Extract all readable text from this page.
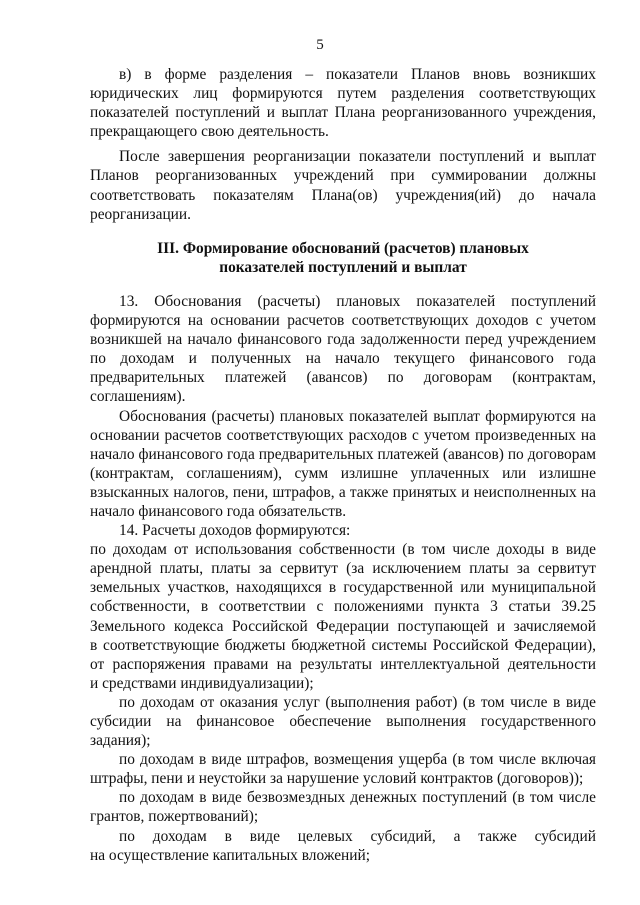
5

в) в форме разделения – показатели Планов вновь возникших
юридических лиц формируются путем разделения соответствующих
показателей поступлений и выплат Плана реорганизованного учреждения,
прекращающего свою деятельность.

После завершения реорганизации показатели поступлений и выплат
Планов реорганизованных учреждений при суммировании должны
соответствовать показателям Плана(ов) учреждения(ий) до начала
реорганизации.

III. Формирование обоснований (расчетов) плановых
показателей поступлений и выплат

13. Обоснования (расчеты) плановых показателей поступлений
формируются на основании расчетов соответствующих доходов с учетом
возникшей на начало финансового года задолженности перед учреждением
по доходам и полученных на начало текущего финансового года
предварительных платежей (авансов) по договорам (контрактам,
соглашениям).

Обоснования (расчеты) плановых показателей выплат формируются на
основании расчетов соответствующих расходов с учетом произведенных на
начало финансового года предварительных платежей (авансов) по договорам
(контрактам, соглашениям), сумм излишне уплаченных или излишне
взысканных налогов, пени, штрафов, а также принятых и неисполненных на
начало финансового года обязательств.

14. Расчеты доходов формируются:

по доходам от использования собственности (в том числе доходы в виде
арендной платы, платы за сервитут (за исключением платы за сервитут
земельных участков, находящихся в государственной или муниципальной
собственности, в соответствии с положениями пункта 3 статьи 39.25
Земельного кодекса Российской Федерации поступающей и зачисляемой
в соответствующие бюджеты бюджетной системы Российской Федерации),
от распоряжения правами на результаты интеллектуальной деятельности
и средствами индивидуализации);

по доходам от оказания услуг (выполнения работ) (в том числе в виде
субсидии на финансовое обеспечение выполнения государственного
задания);

по доходам в виде штрафов, возмещения ущерба (в том числе включая
штрафы, пени и неустойки за нарушение условий контрактов (договоров));

по доходам в виде безвозмездных денежных поступлений (в том числе
грантов, пожертвований);

по доходам в виде целевых субсидий, а также субсидий
на осуществление капитальных вложений;
